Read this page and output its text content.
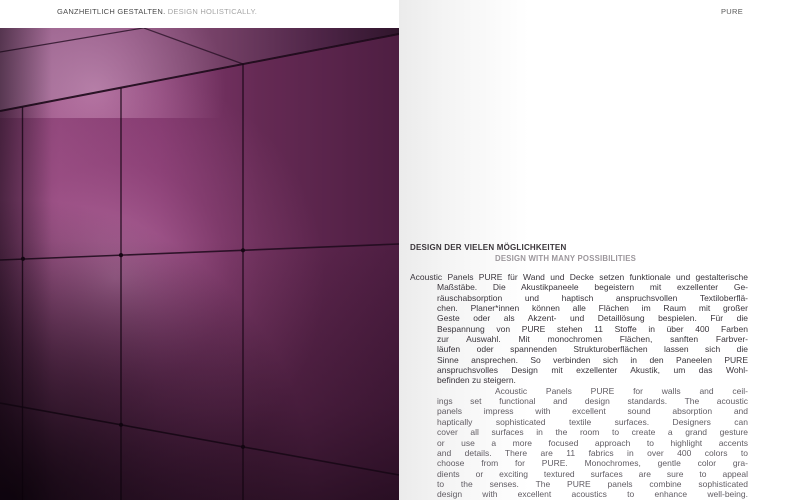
GANZHEITLICH GESTALTEN. DESIGN HOLISTICALLY.	PURE
DESIGN DER VIELEN MÖGLICHKEITEN
DESIGN WITH MANY POSSIBILITIES
Acoustic Panels PURE für Wand und Decke setzen funktionale und gestalterische
Maßstäbe. Die Akustikpaneele begeistern mit exzellenter Ge-
räuschabsorption und haptisch anspruchsvollen Textiloberflä-
chen. Planer*innen können alle Flächen im Raum mit großer
Geste oder als Akzent- und Detaillösung bespielen. Für die
Bespannung von PURE stehen 11 Stoffe in über 400 Farben
zur Auswahl. Mit monochromen Flächen, sanften Farbver-
läufen oder spannenden Strukturoberflächen lassen sich die
Sinne ansprechen. So verbinden sich in den Paneelen PURE
anspruchsvolles Design mit exzellenter Akustik, um das Wohl-
befinden zu steigern.
Acoustic Panels PURE for walls and ceil-
ings set functional and design standards. The acoustic
panels impress with excellent sound absorption and
haptically sophisticated textile surfaces. Designers can
cover all surfaces in the room to create a grand gesture
or use a more focused approach to highlight accents
and details. There are 11 fabrics in over 400 colors to
choose from for PURE. Monochromes, gentle color gra-
dients or exciting textured surfaces are sure to appeal
to the senses. The PURE panels combine sophisticated
design with excellent acoustics to enhance well-being.
